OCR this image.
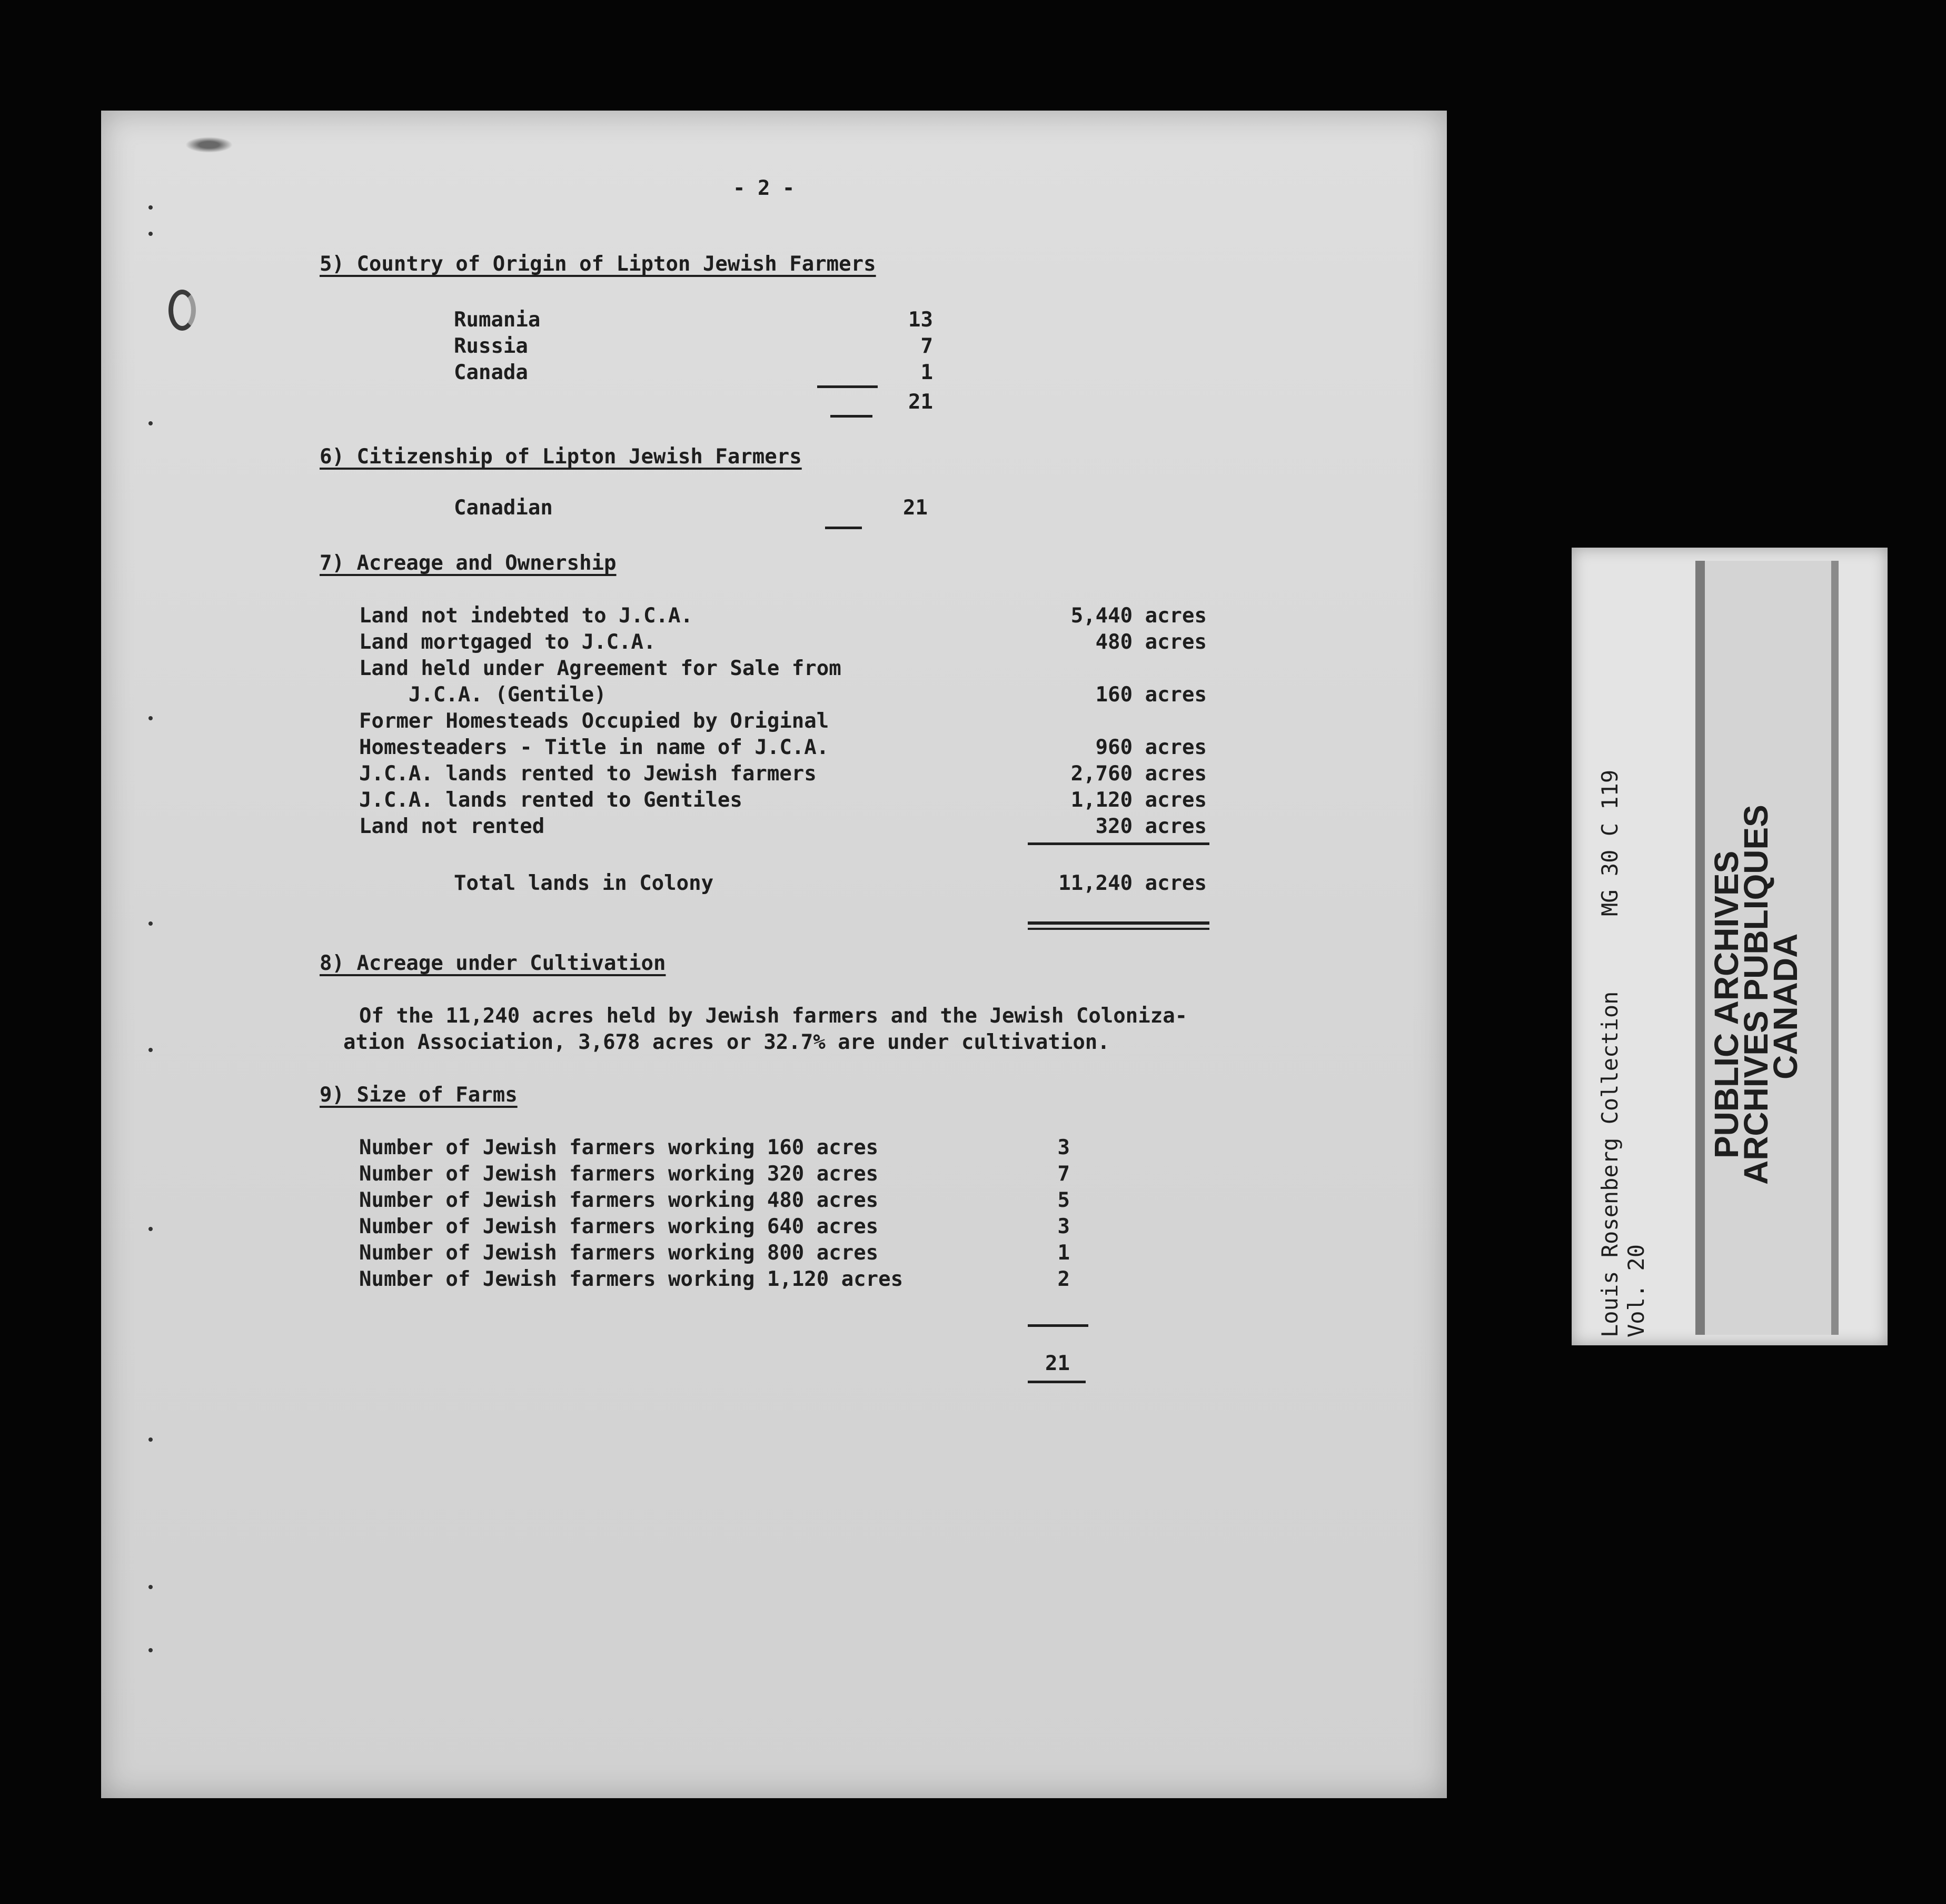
- 2 -

5) Country of Origin of Lipton Jewish Farmers

Rumania	13

Russia	7

Canada	1

21

6) Citizenship of Lipton Jewish Farmers

Canadian	21

7) Acreage and Ownership

Land not indebted to J.C.A.	5,440 acres

Land mortgaged to J.C.A.	480 acres

Land held under Agreement for Sale from

J.C.A. (Gentile)	160 acres

Former Homesteads Occupied by Original

Homesteaders - Title in name of J.C.A.	960 acres

J.C.A. lands rented to Jewish farmers	2,760 acres

J.C.A. lands rented to Gentiles	1,120 acres

Land not rented	320 acres

Total lands in Colony	11,240 acres

8) Acreage under Cultivation

Of the 11,240 acres held by Jewish farmers and the Jewish Coloniza-

ation Association, 3,678 acres or 32.7% are under cultivation.

9) Size of Farms

Number of Jewish farmers working 160 acres	3

Number of Jewish farmers working 320 acres	7

Number of Jewish farmers working 480 acres	5

Number of Jewish farmers working 640 acres	3

Number of Jewish farmers working 800 acres	1

Number of Jewish farmers working 1,120 acres	2

21

Louis Rosenberg Collection Vol. 20

MG 30 C 119

PUBLIC ARCHIVES

ARCHIVES PUBLIQUES

CANADA
